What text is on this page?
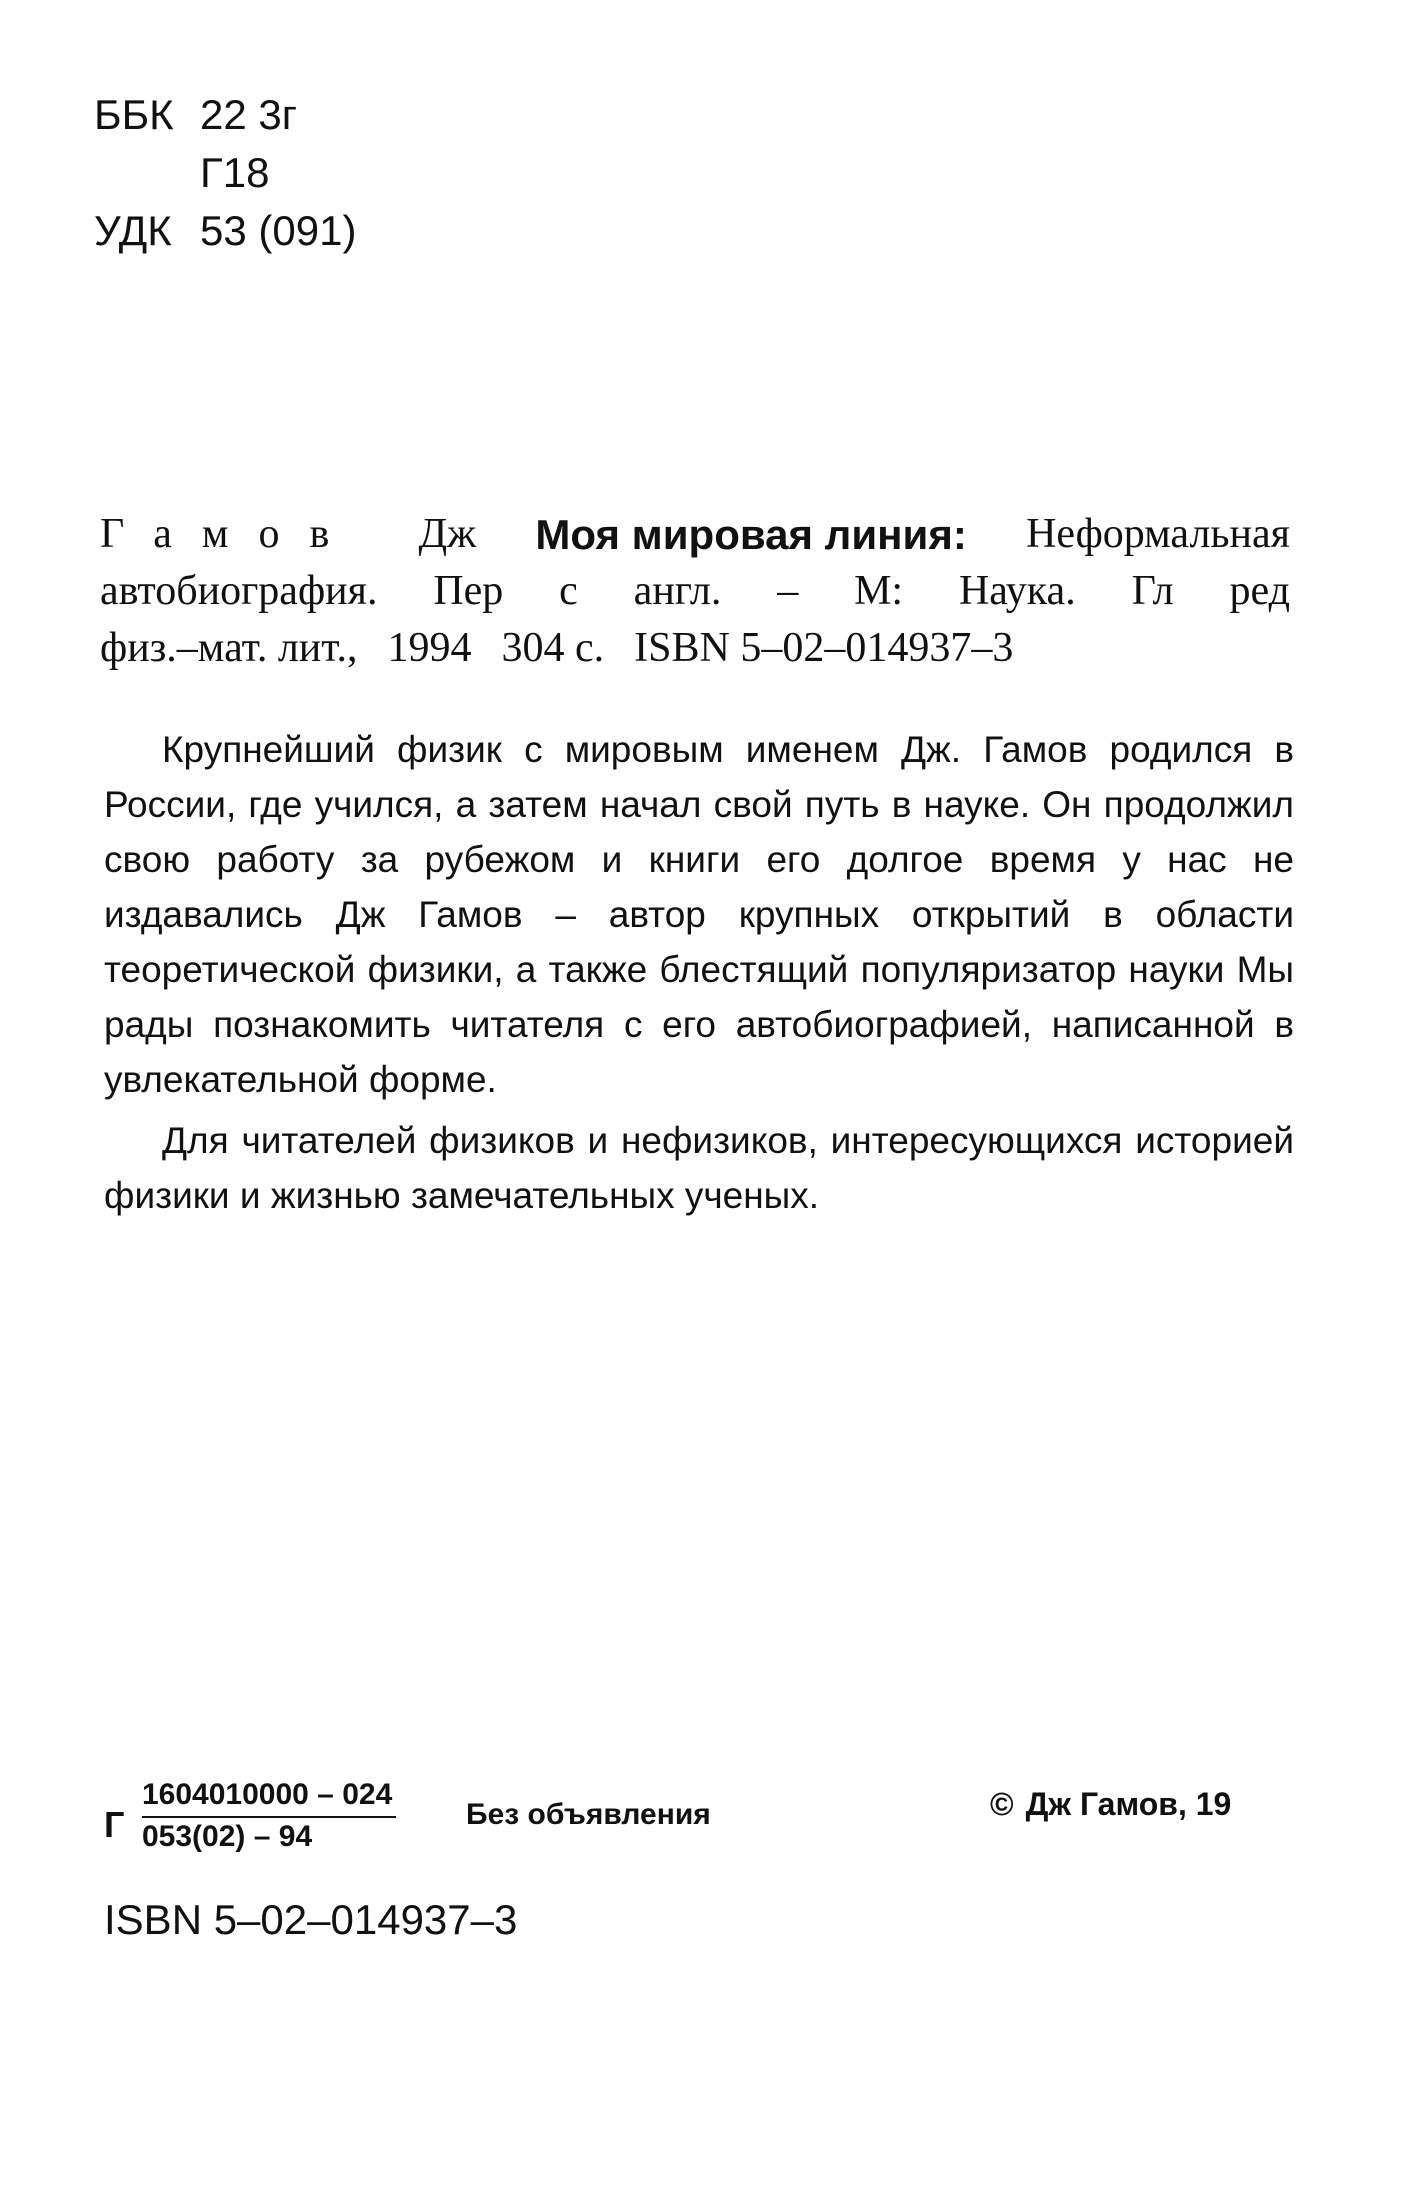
ББК 22 3г
Г18
УДК 53 (091)
Гамов Дж Моя мировая линия: Неформальная
автобиография. Пер с англ. – М: Наука. Гл ред
физ.–мат. лит., 1994 304 с. ISBN 5–02–014937–3

Крупнейший физик с мировым именем Дж. Гамов родился в России, где учился, а затем начал свой путь в науке. Он продолжил свою работу за рубежом и книги его долгое время у нас не издавались Дж Гамов – автор крупных открытий в области теоретической физики, а также блестящий популяризатор науки Мы рады познакомить читателя с его автобиографией, написанной в увлекательной форме.

Для читателей физиков и нефизиков, интересующихся историей физики и жизнью замечательных ученых.

Г $\frac{1604010000 - 024}{053(02) - 94}$ Без объявления	© Дж Гамов, 19
ISBN 5–02–014937–3
